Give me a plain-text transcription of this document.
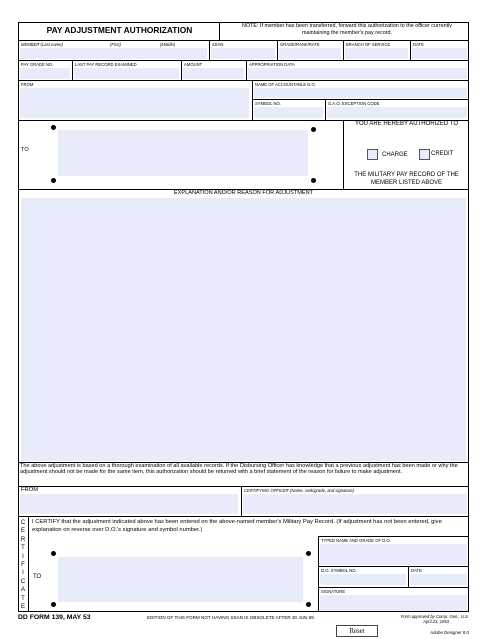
PAY ADJUSTMENT AUTHORIZATION	NOTE: If member has been transferred, forward this authorization to the officer currently maintaining the member's pay record.
MEMBER (Last name)	(First)	(Middle)	SSAN	GRADE/RANK/RATE	BRANCH OF SERVICE	DATE
PAY GRADE NO.	LAST PAY RECORD EXAMINED	AMOUNT	APPROPRIATION DATA
FROM	NAME OF ACCOUNTABLE D.O.
SYMBOL NO.	G.A.O. EXCEPTION CODE
TO
YOU ARE HEREBY AUTHORIZED TO
CHARGE	CREDIT
THE MILITARY PAY RECORD OF THE MEMBER LISTED ABOVE
EXPLANATION AND/OR REASON FOR ADJUSTMENT
The above adjustment is based on a thorough examination of all available records. If the Disbursing Officer has knowledge that a previous adjustment has been made or why the adjustment should not be made for the same item, this authorization should be returned with a brief statement of the reason for failure to make adjustment.
FROM	CERTIFYING OFFICER (Name, rank/grade, and signature)
C
E
R
T
I
F
I
C
A
T
E
I CERTIFY that the adjustment indicated above has been entered on the above-named member's Military Pay Record. (If adjustment has not been entered, give explanation on reverse over D.O.'s signature and symbol number.)
TYPED NAME AND GRADE OF D.O.
D.O. SYMBOL NO.	DATE
SIGNATURE
TO
DD FORM 139, MAY 53	EDITION OF THIS FORM NOT HAVING SSAN IS OBSOLETE AFTER 30 JUN 69.	Form approved by Comp. Gen., U.S.
April 23, 1953
Reset	Adobe Designer 8.0
